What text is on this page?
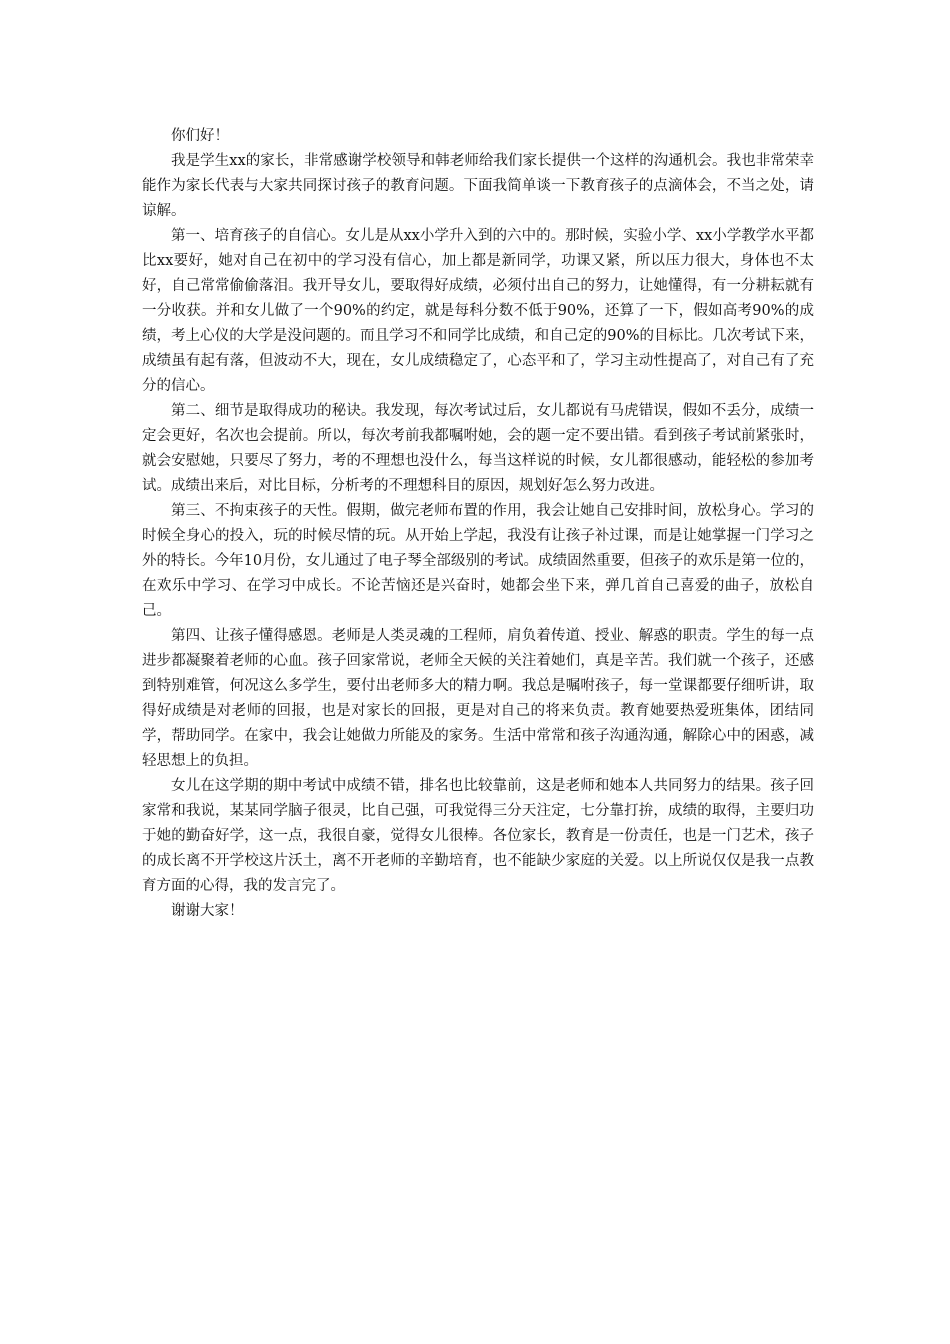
你们好！

我是学生xx的家长，非常感谢学校领导和韩老师给我们家长提供一个这样的沟通机会。我也非常荣幸能作为家长代表与大家共同探讨孩子的教育问题。下面我简单谈一下教育孩子的点滴体会，不当之处，请谅解。

第一、培育孩子的自信心。女儿是从xx小学升入到的六中的。那时候，实验小学、xx小学教学水平都比xx要好，她对自己在初中的学习没有信心，加上都是新同学，功课又紧，所以压力很大，身体也不太好，自己常常偷偷落泪。我开导女儿，要取得好成绩，必须付出自己的努力，让她懂得，有一分耕耘就有一分收获。并和女儿做了一个90%的约定，就是每科分数不低于90%，还算了一下，假如高考90%的成绩，考上心仪的大学是没问题的。而且学习不和同学比成绩，和自己定的90%的目标比。几次考试下来，成绩虽有起有落，但波动不大，现在，女儿成绩稳定了，心态平和了，学习主动性提高了，对自己有了充分的信心。

第二、细节是取得成功的秘诀。我发现，每次考试过后，女儿都说有马虎错误，假如不丢分，成绩一定会更好，名次也会提前。所以，每次考前我都嘱咐她，会的题一定不要出错。看到孩子考试前紧张时，就会安慰她，只要尽了努力，考的不理想也没什么，每当这样说的时候，女儿都很感动，能轻松的参加考试。成绩出来后，对比目标，分析考的不理想科目的原因，规划好怎么努力改进。

第三、不拘束孩子的天性。假期，做完老师布置的作用，我会让她自己安排时间，放松身心。学习的时候全身心的投入，玩的时候尽情的玩。从开始上学起，我没有让孩子补过课，而是让她掌握一门学习之外的特长。今年10月份，女儿通过了电子琴全部级别的考试。成绩固然重要，但孩子的欢乐是第一位的，在欢乐中学习、在学习中成长。不论苦恼还是兴奋时，她都会坐下来，弹几首自己喜爱的曲子，放松自己。

第四、让孩子懂得感恩。老师是人类灵魂的工程师，肩负着传道、授业、解惑的职责。学生的每一点进步都凝聚着老师的心血。孩子回家常说，老师全天候的关注着她们，真是辛苦。我们就一个孩子，还感到特别难管，何况这么多学生，要付出老师多大的精力啊。我总是嘱咐孩子，每一堂课都要仔细听讲，取得好成绩是对老师的回报，也是对家长的回报，更是对自己的将来负责。教育她要热爱班集体，团结同学，帮助同学。在家中，我会让她做力所能及的家务。生活中常常和孩子沟通沟通，解除心中的困惑，减轻思想上的负担。

女儿在这学期的期中考试中成绩不错，排名也比较靠前，这是老师和她本人共同努力的结果。孩子回家常和我说，某某同学脑子很灵，比自己强，可我觉得三分天注定，七分靠打拚，成绩的取得，主要归功于她的勤奋好学，这一点，我很自豪，觉得女儿很棒。各位家长，教育是一份责任，也是一门艺术，孩子的成长离不开学校这片沃土，离不开老师的辛勤培育，也不能缺少家庭的关爱。以上所说仅仅是我一点教育方面的心得，我的发言完了。

谢谢大家！
